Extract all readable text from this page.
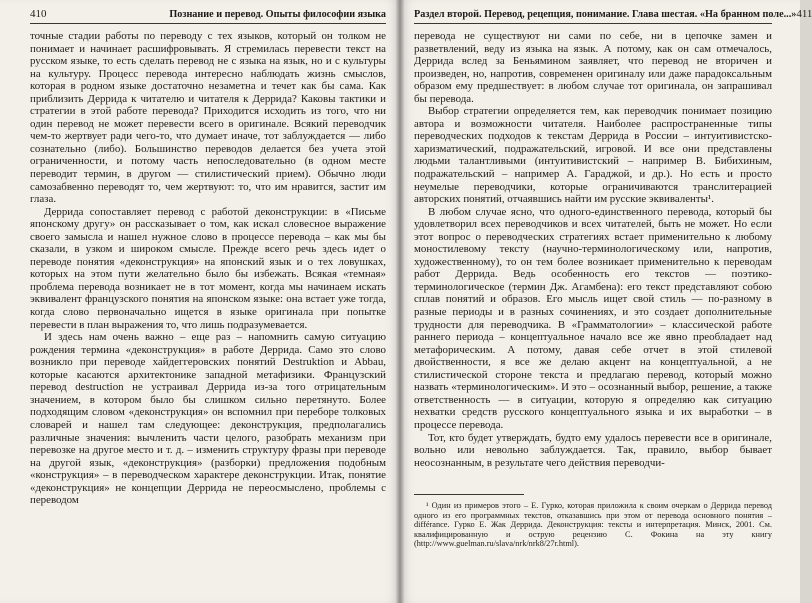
410	Познание и перевод. Опыты философии языка

точные стадии работы по переводу с тех языков, который он толком не понимает и начинает расшифровывать. Я стремилась перевести текст на русском языке, то есть сделать перевод не с языка на язык, но и с культуры на культуру. Процесс перевода интересно наблюдать жизнь смыслов, которая в родном языке достаточно незаметна и течет как бы сама. Как приблизить Деррида к читателю и читателя к Деррида? Каковы тактики и стратегии в этой работе перевода? Приходится исходить из того, что ни один перевод не может перевести всего в оригинале. Всякий переводчик чем-то жертвует ради чего-то, что думает иначе, тот заблуждается — либо сознательно (либо). Большинство переводов делается без учета этой ограниченности, и потому часть непоследовательно (в одном месте переводит термин, в другом — стилистический прием). Обычно люди самозабвенно переводят то, чем жертвуют: то, что им нравится, застит им глаза.

Деррида сопоставляет перевод с работой деконструкции: в «Письме японскому другу» он рассказывает о том, как искал словесное выражение своего замысла и нашел нужное слово в процессе перевода – как мы бы сказали, в узком и широком смысле. Прежде всего речь здесь идет о переводе понятия «деконструкция» на японский язык и о тех ловушках, которых на этом пути желательно было бы избежать. Всякая «темная» проблема перевода возникает не в тот момент, когда мы начинаем искать эквивалент французского понятия на японском языке: она встает уже тогда, когда слово первоначально ищется в языке оригинала при попытке перевести в план выражения то, что лишь подразумевается.

И здесь нам очень важно – еще раз – напомнить самую ситуацию рождения термина «деконструкция» в работе Деррида. Само это слово возникло при переводе хайдеггеровских понятий Destruktion и Abbau, которые касаются архитектонике западной метафизики. Французский перевод destruction не устраивал Деррида из-за того отрицательным значением, в котором было бы слишком сильно перетянуто. Более подходящим словом «деконструкция» он вспомнил при переборе толковых словарей и нашел там следующее: деконструкция, предполагались различные значения: вычленить части целого, разобрать механизм при перевозке на другое место и т. д. – изменить структуру фразы при переводе на другой язык, «деконструкция» (разборки) предложения подобным «конструкция» – в переводческом характере деконструкции. Итак, понятие «деконструкция» не концепции Деррида не переосмыслено, проблемы с переводом

Раздел второй. Перевод, рецепция, понимание. Глава шестая. «На бранном поле...» 411

перевода не существуют ни сами по себе, ни в цепочке замен и разветвлений, веду из языка на язык. А потому, как он сам отмечалось, Деррида вслед за Беньямином заявляет, что перевод не вторичен и произведен, но, напротив, современен оригиналу или даже парадоксальным образом ему предшествует: в любом случае тот оригинала, он запрашивал бы перевода.

Выбор стратегии определяется тем, как переводчик понимает позицию автора и возможности читателя. Наиболее распространенные типы переводческих подходов к текстам Деррида в России – интуитивистско-харизматический, подражательский, игровой. И все они представлены людьми талантливыми (интуитивистский – например В. Бибихиным, подражательский – например А. Гараджой, и др.). Но есть и просто неумелые переводчики, которые ограничиваются транслитерацией авторских понятий, отчаявшись найти им русские эквиваленты¹.

В любом случае ясно, что одного-единственного перевода, который бы удовлетворил всех переводчиков и всех читателей, быть не может. Но если этот вопрос о переводческих стратегиях встает применительно к любому моностилевому тексту (научно-терминологическому или, напротив, художественному), то он тем более возникает применительно к переводам работ Деррида. Ведь особенность его текстов — поэтико-терминологическое (термин Дж. Агамбена): его текст представляют собою сплав понятий и образов. Его мысль ищет свой стиль — по-разному в разные периоды и в разных сочинениях, и это создает дополнительные трудности для переводчика. В «Грамматологии» – классической работе раннего периода – концептуальное начало все же явно преобладает над метафорическим. А потому, давая себе отчет в этой стилевой двойственности, я все же делаю акцент на концептуальной, а не стилистической стороне текста и предлагаю перевод, который можно назвать «терминологическим». И это – осознанный выбор, решение, а также ответственность — в ситуации, которую я определяю как ситуацию нехватки средств русского концептуального языка и их выработки – в процессе перевода.

Тот, кто будет утверждать, будто ему удалось перевести все в оригинале, вольно или невольно заблуждается. Так, правило, выбор бывает неосознанным, в результате чего действия переводчи-

¹ Один из примеров этого – Е. Гурко, которая приложила к своим очеркам о Деррида перевод одного из его программных текстов, отказавшись при этом от перевода основного понятия – différance. Гурко Е. Жак Деррида. Деконструкция: тексты и интерпретация. Минск, 2001. См. квалифицированную и острую рецензию С. Фокина на эту книгу (http://www.guelman.ru/slava/nrk/nrk8/27r.html).
